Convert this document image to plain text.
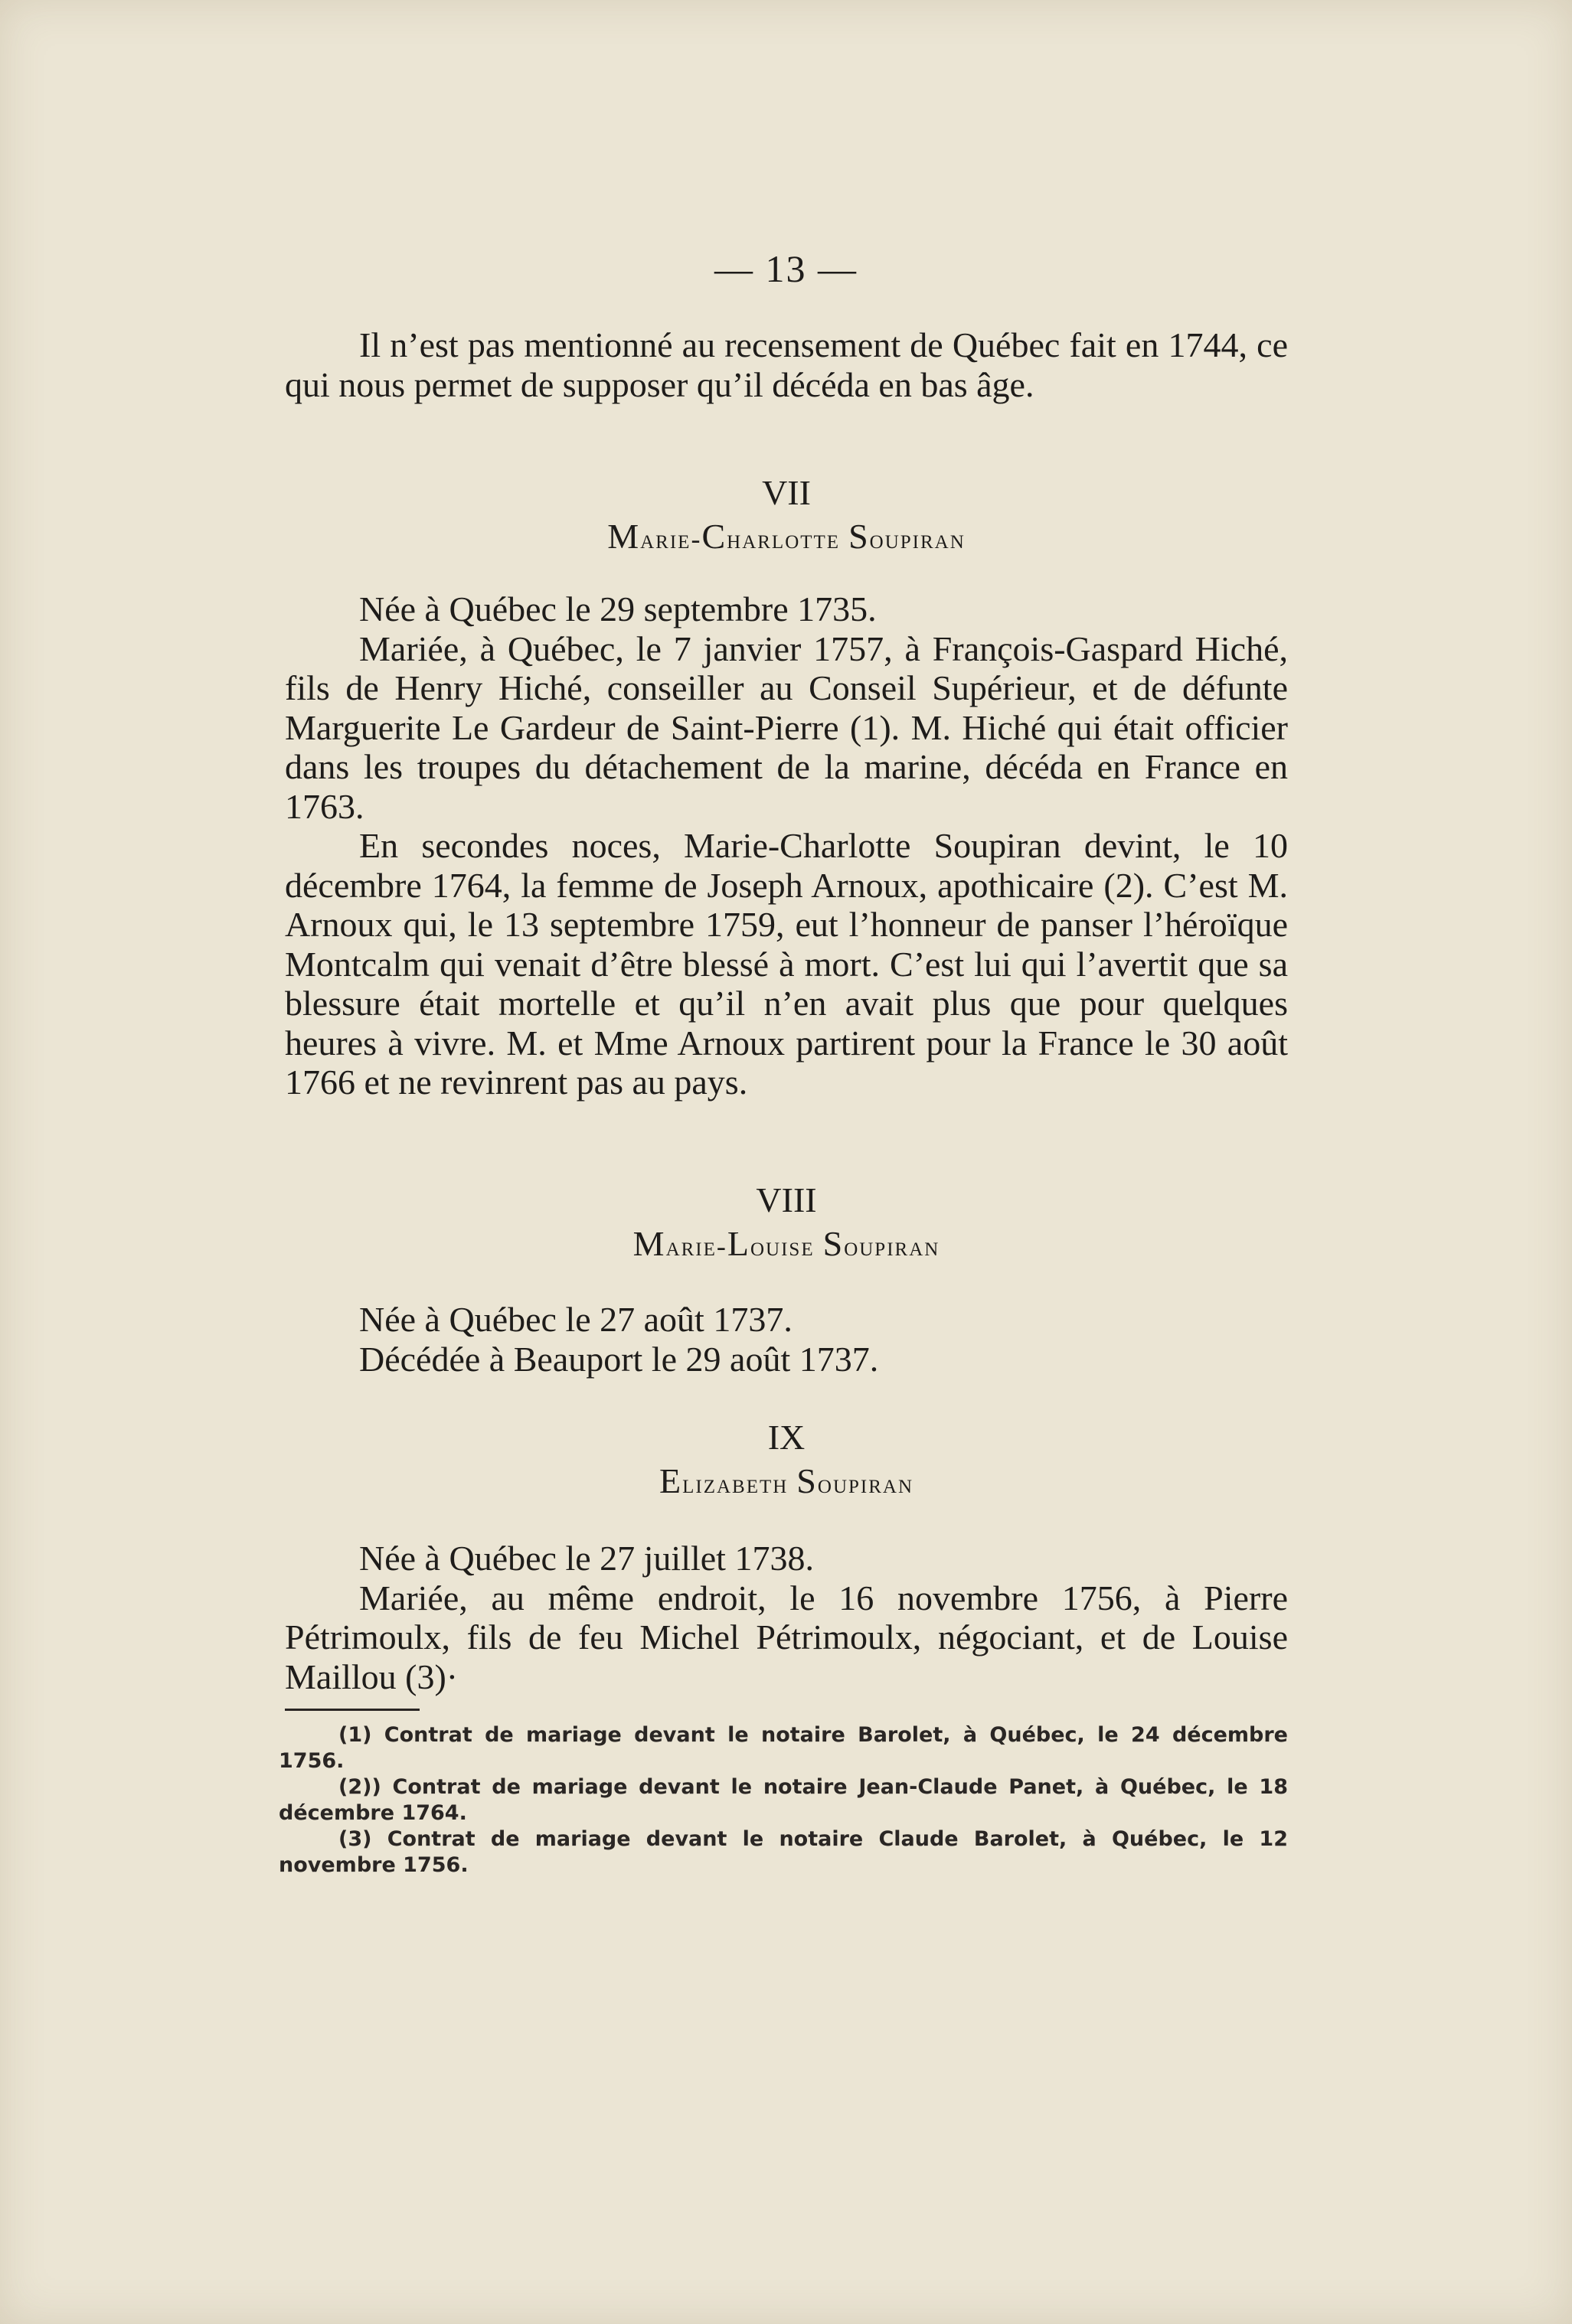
— 13 —

Il n’est pas mentionné au recensement de Québec fait en 1744, ce qui nous permet de supposer qu’il décéda en bas âge.

VII
Marie-Charlotte Soupiran

Née à Québec le 29 septembre 1735.

Mariée, à Québec, le 7 janvier 1757, à François-Gaspard Hiché, fils de Henry Hiché, conseiller au Conseil Supérieur, et de défunte Marguerite Le Gardeur de Saint-Pierre (1). M. Hiché qui était officier dans les troupes du détachement de la marine, décéda en France en 1763.

En secondes noces, Marie-Charlotte Soupiran devint, le 10 décembre 1764, la femme de Joseph Arnoux, apothicaire (2). C’est M. Arnoux qui, le 13 septembre 1759, eut l’honneur de panser l’héroïque Montcalm qui venait d’être blessé à mort. C’est lui qui l’avertit que sa blessure était mortelle et qu’il n’en avait plus que pour quelques heures à vivre. M. et Mme Arnoux partirent pour la France le 30 août 1766 et ne revinrent pas au pays.

VIII
Marie-Louise Soupiran

Née à Québec le 27 août 1737.

Décédée à Beauport le 29 août 1737.

IX
Elizabeth Soupiran

Née à Québec le 27 juillet 1738.

Mariée, au même endroit, le 16 novembre 1756, à Pierre Pétrimoulx, fils de feu Michel Pétrimoulx, négociant, et de Louise Maillou (3)·

(1) Contrat de mariage devant le notaire Barolet, à Québec, le 24 décembre 1756.

(2)) Contrat de mariage devant le notaire Jean-Claude Panet, à Québec, le 18 décembre 1764.

(3) Contrat de mariage devant le notaire Claude Barolet, à Québec, le 12 novembre 1756.
